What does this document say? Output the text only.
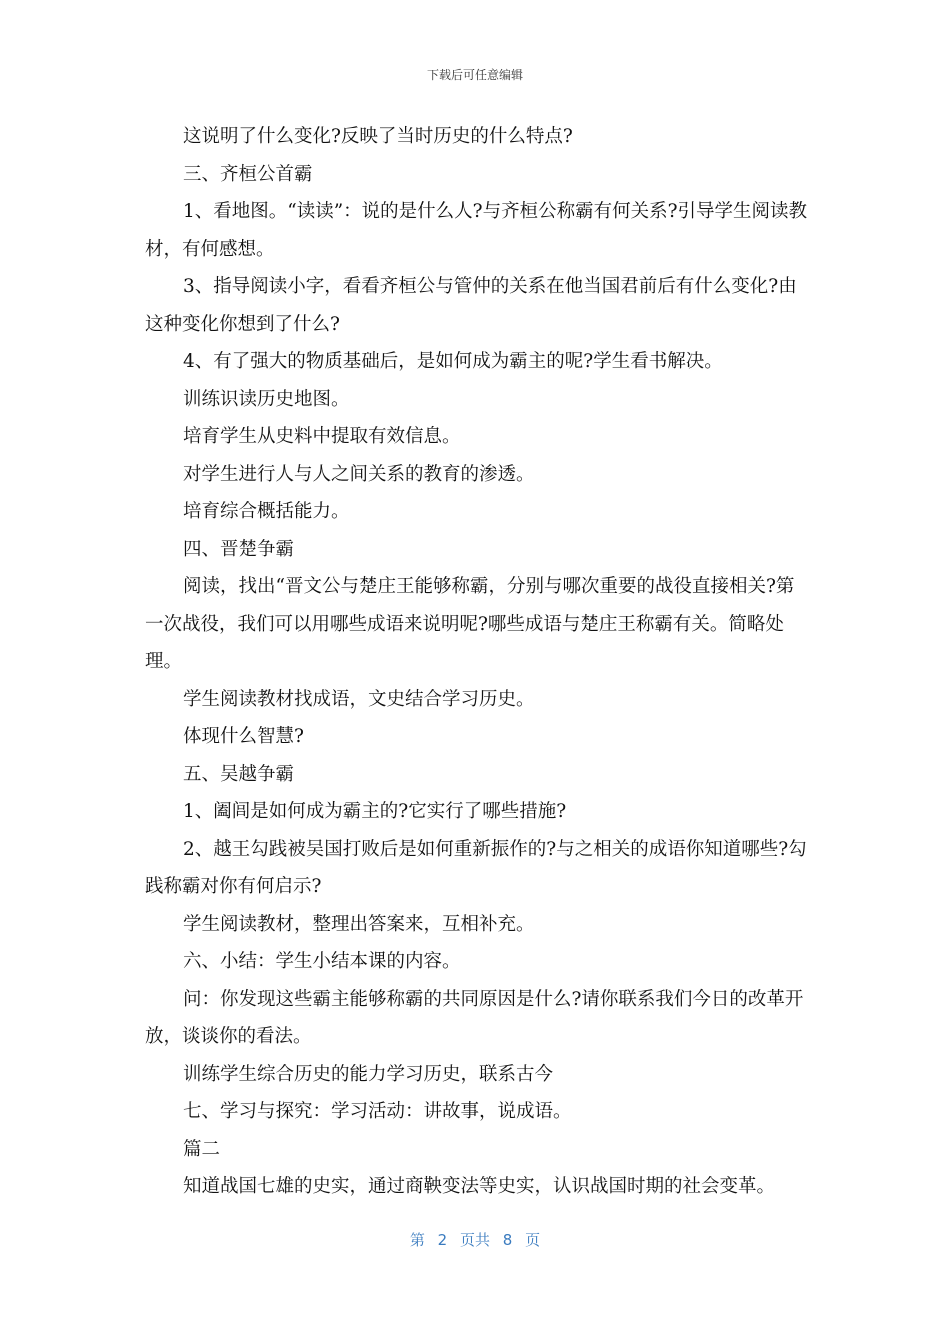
下载后可任意编辑

这说明了什么变化?反映了当时历史的什么特点?

三、齐桓公首霸

1、看地图。“读读”：说的是什么人?与齐桓公称霸有何关系?引导学生阅读教材，有何感想。

3、指导阅读小字，看看齐桓公与管仲的关系在他当国君前后有什么变化?由这种变化你想到了什么?

4、有了强大的物质基础后，是如何成为霸主的呢?学生看书解决。

训练识读历史地图。

培育学生从史料中提取有效信息。

对学生进行人与人之间关系的教育的渗透。

培育综合概括能力。

四、晋楚争霸

阅读，找出“晋文公与楚庄王能够称霸，分别与哪次重要的战役直接相关?第一次战役，我们可以用哪些成语来说明呢?哪些成语与楚庄王称霸有关。简略处理。

学生阅读教材找成语，文史结合学习历史。

体现什么智慧?

五、吴越争霸

1、阖闾是如何成为霸主的?它实行了哪些措施?

2、越王勾践被吴国打败后是如何重新振作的?与之相关的成语你知道哪些?勾践称霸对你有何启示?

学生阅读教材，整理出答案来，互相补充。

六、小结：学生小结本课的内容。

问：你发现这些霸主能够称霸的共同原因是什么?请你联系我们今日的改革开放，谈谈你的看法。

训练学生综合历史的能力学习历史，联系古今

七、学习与探究：学习活动：讲故事，说成语。

篇二

知道战国七雄的史实，通过商鞅变法等史实，认识战国时期的社会变革。

第 2 页共 8 页
